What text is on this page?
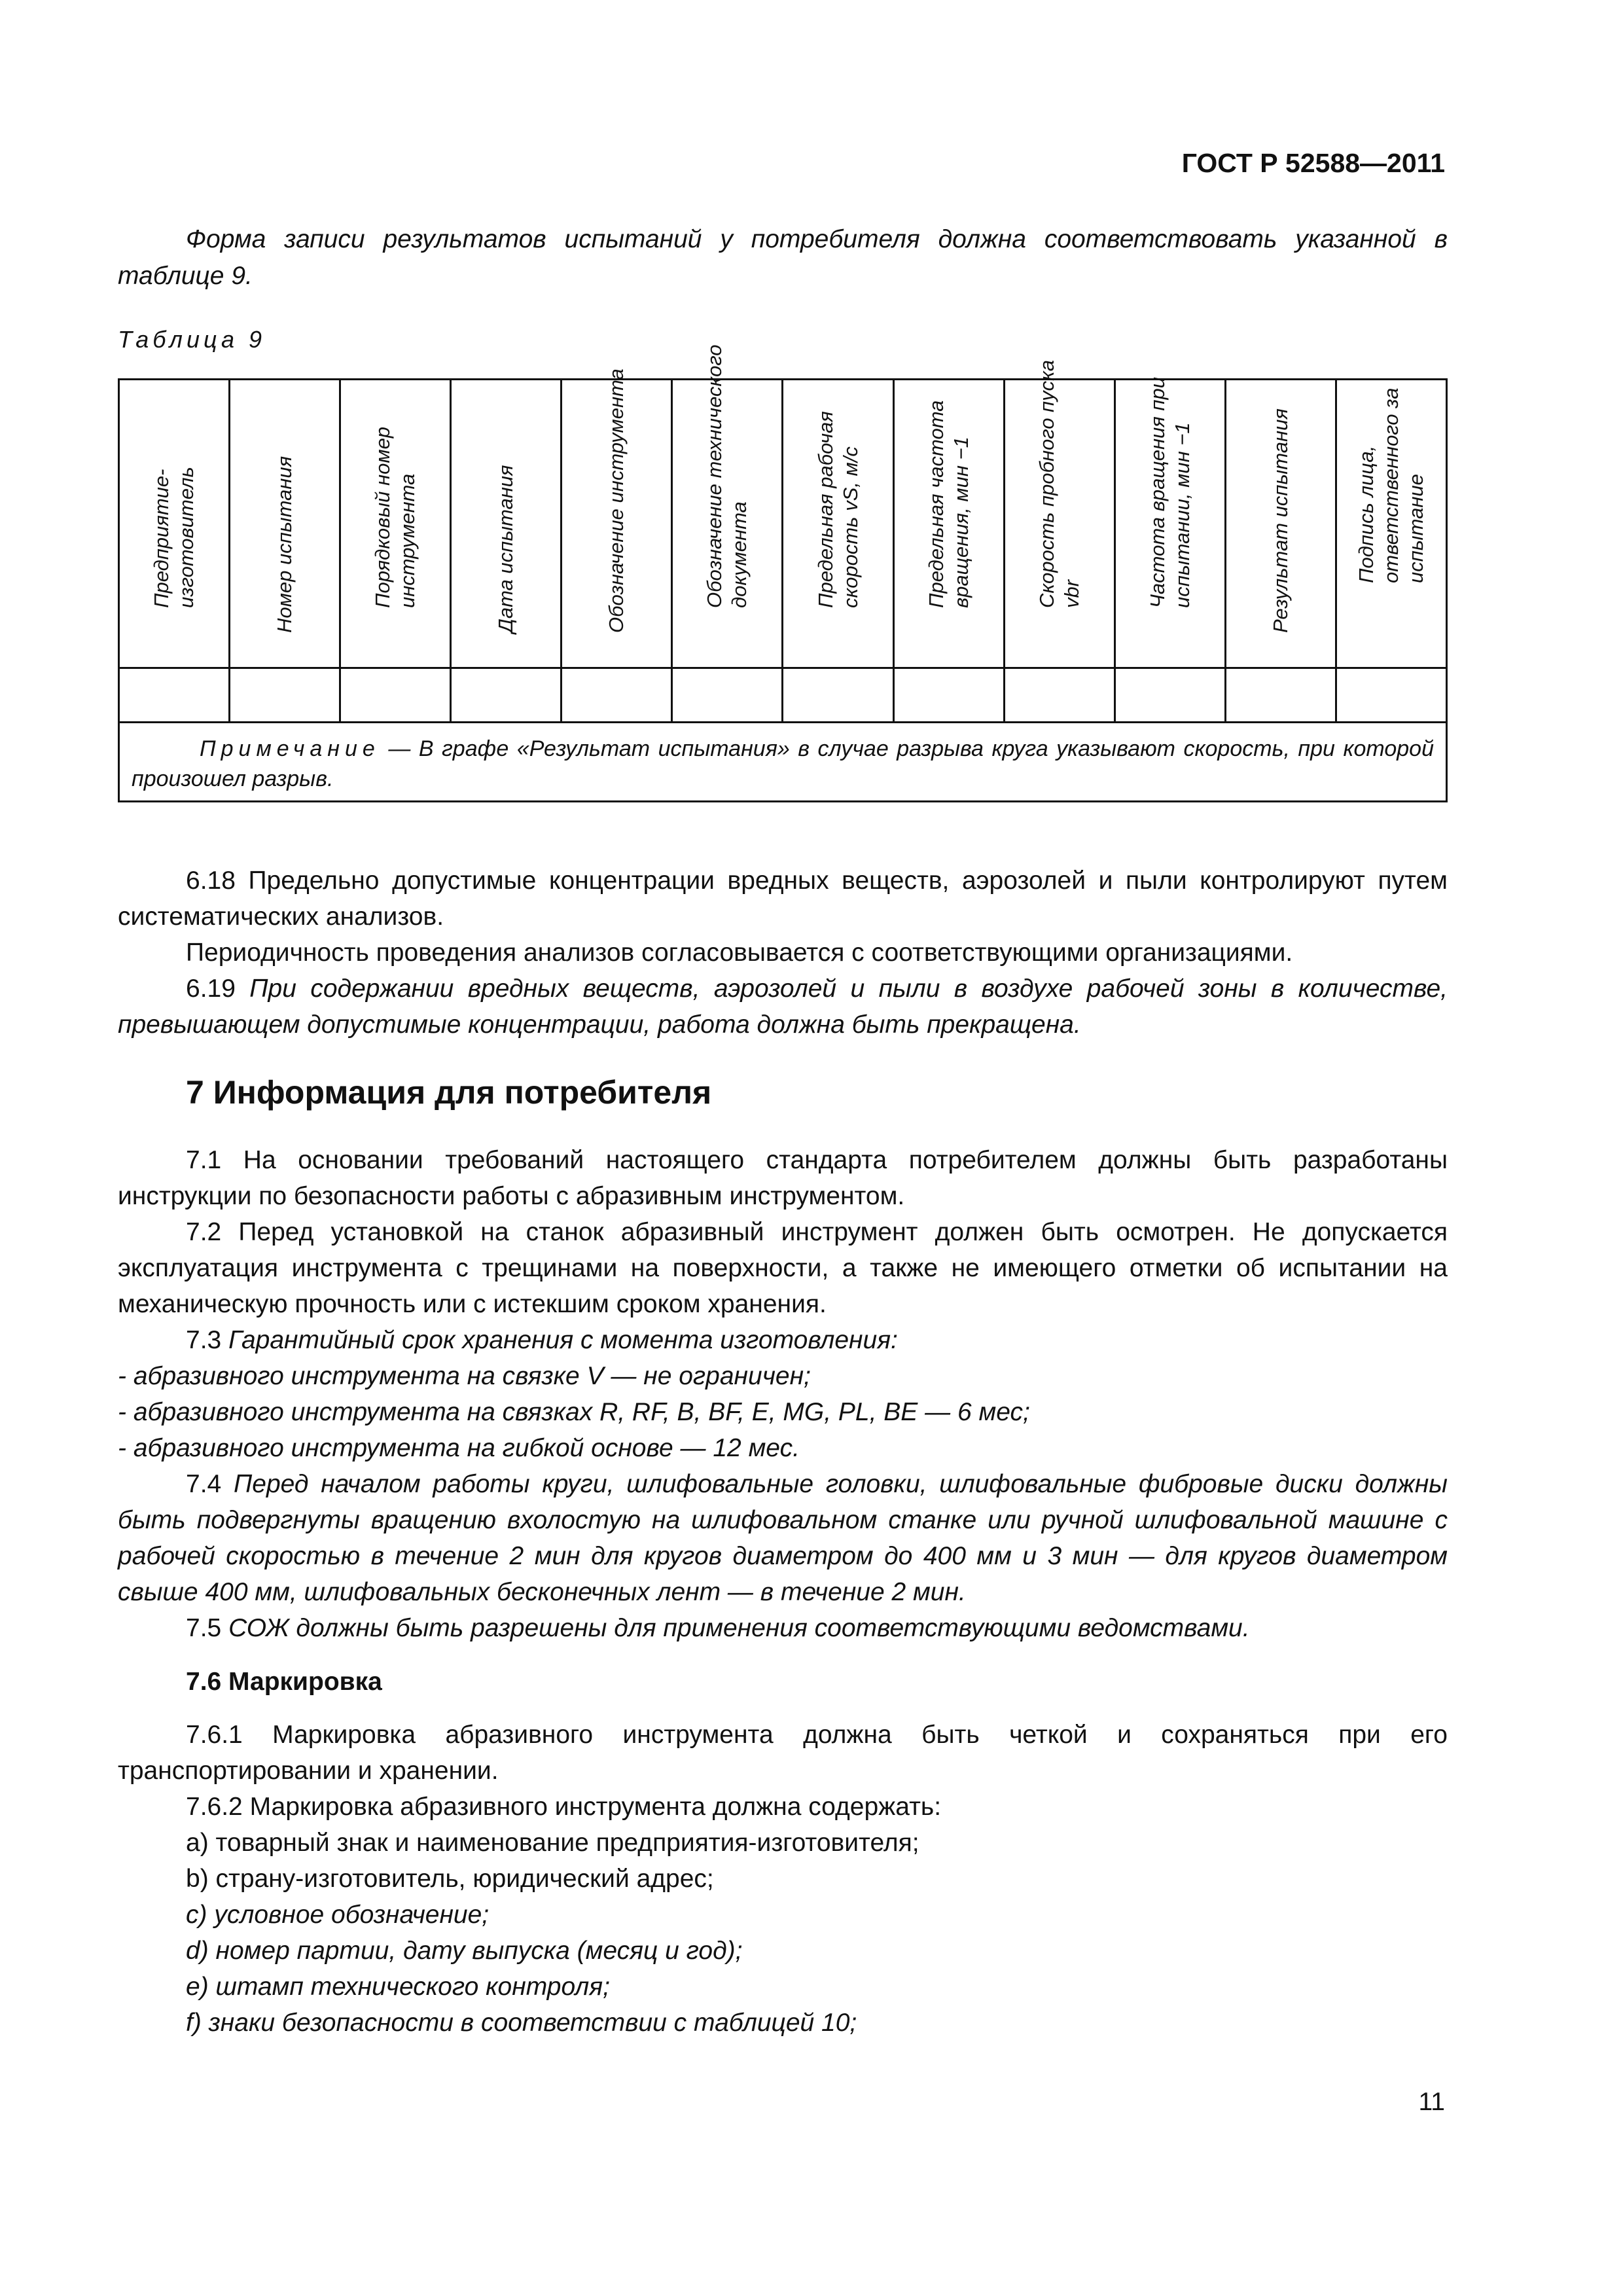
ГОСТ Р 52588—2011
Форма записи результатов испытаний у потребителя должна соответствовать указанной в таблице 9.
Таблица 9
Предприятие-изготовитель	Номер испытания	Порядковый номер инструмента	Дата испытания	Обозначение инструмента	Обозначение технического документа	Предельная рабочая скорость vS, м/с	Предельная частота вращения, мин −1	Скорость пробного пуска vbr	Частота вращения при испытании, мин −1	Результат испытания	Подпись лица, ответственного за испытание

Примечание — В графе «Результат испытания» в случае разрыва круга указывают скорость, при которой произошел разрыв.											
6.18 Предельно допустимые концентрации вредных веществ, аэрозолей и пыли контролируют путем систематических анализов.
Периодичность проведения анализов согласовывается с соответствующими организациями.
6.19 При содержании вредных веществ, аэрозолей и пыли в воздухе рабочей зоны в количестве, превышающем допустимые концентрации, работа должна быть прекращена.
7 Информация для потребителя
7.1 На основании требований настоящего стандарта потребителем должны быть разработаны инструкции по безопасности работы с абразивным инструментом.
7.2 Перед установкой на станок абразивный инструмент должен быть осмотрен. Не допускается эксплуатация инструмента с трещинами на поверхности, а также не имеющего отметки об испытании на механическую прочность или с истекшим сроком хранения.
7.3 Гарантийный срок хранения с момента изготовления:
- абразивного инструмента на связке V — не ограничен;
- абразивного инструмента на связках R, RF, B, BF, E, MG, PL, BE — 6 мес;
- абразивного инструмента на гибкой основе — 12 мес.
7.4 Перед началом работы круги, шлифовальные головки, шлифовальные фибровые диски должны быть подвергнуты вращению вхолостую на шлифовальном станке или ручной шлифовальной машине с рабочей скоростью в течение 2 мин для кругов диаметром до 400 мм и 3 мин — для кругов диаметром свыше 400 мм, шлифовальных бесконечных лент — в течение 2 мин.
7.5 СОЖ должны быть разрешены для применения соответствующими ведомствами.
7.6 Маркировка
7.6.1 Маркировка абразивного инструмента должна быть четкой и сохраняться при его транспортировании и хранении.
7.6.2 Маркировка абразивного инструмента должна содержать:
a) товарный знак и наименование предприятия-изготовителя;
b) страну-изготовитель, юридический адрес;
c) условное обозначение;
d) номер партии, дату выпуска (месяц и год);
e) штамп технического контроля;
f) знаки безопасности в соответствии с таблицей 10;
11
